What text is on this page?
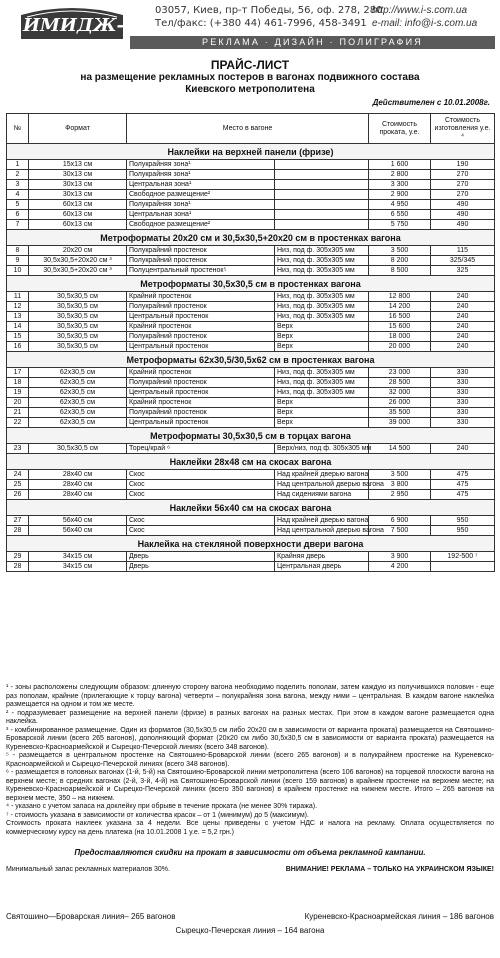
ИМИДЖ-СЕРВИС
03057, Киев, пр-т Победы, 56, оф. 278, 280
Тел/факс: (+380 44) 461-7996, 458-3491
http://www.i-s.com.ua
e-mail: info@i-s.com.ua
РЕКЛАМА · ДИЗАЙН · ПОЛИГРАФИЯ
ПРАЙС-ЛИСТ
на размещение рекламных постеров в вагонах подвижного состава
Киевского метрополитена
Действителен с 10.01.2008г.
№	Формат	Место в вагоне		Стоимость проката, у.е.	Стоимость изготовления у.е. ⁴
Наклейки на верхней панели (фризе)					
1	15x13 см	Полукрайняя зона¹		1 600	190
2	30x13 см	Полукрайняя зона¹		2 800	270
3	30x13 см	Центральная зона¹		3 300	270
4	30x13 см	Свободное размещение²		2 900	270
5	60x13 см	Полукрайняя зона¹		4 950	490
6	60x13 см	Центральная зона¹		6 550	490
7	60x13 см	Свободное размещение²		5 750	490
Метроформаты 20x20 см и 30,5x30,5+20x20 см в простенках вагона					
8	20x20 см	Полукрайний простенок	Низ, под ф. 305x305 мм	3 500	115
9	30,5x30,5+20x20 см ³	Полукрайний простенок	Низ, под ф. 305x305 мм	8 200	325/345
10	30,5x30,5+20x20 см ³	Полуцентральный простенок⁵	Низ, под ф. 305x305 мм	8 500	325
Метроформаты 30,5x30,5 см в простенках вагона					
11	30,5x30,5 см	Крайний простенок	Низ, под ф. 305x305 мм	12 800	240
12	30,5x30,5 см	Полукрайний простенок	Низ, под ф. 305x305 мм	14 200	240
13	30,5x30,5 см	Центральный простенок	Низ, под ф. 305x305 мм	16 500	240
14	30,5x30,5 см	Крайний простенок	Верх	15 600	240
15	30,5x30,5 см	Полукрайний простенок	Верх	18 000	240
16	30,5x30,5 см	Центральный простенок	Верх	20 000	240
Метроформаты 62x30,5/30,5x62 см в простенках вагона					
17	62x30,5 см	Крайний простенок	Низ, под ф. 305x305 мм	23 000	330
18	62x30,5 см	Полукрайний простенок	Низ, под ф. 305x305 мм	28 500	330
19	62x30,5 см	Центральный простенок	Низ, под ф. 305x305 мм	32 000	330
20	62x30,5 см	Крайний простенок	Верх	26 000	330
21	62x30,5 см	Полукрайний простенок	Верх	35 500	330
22	62x30,5 см	Центральный простенок	Верх	39 000	330
Метроформаты 30,5x30,5 см в торцах вагона					
23	30,5x30,5 см	Торец/край ⁶	Верх/низ, под ф. 305x305 мм	14 500	240
Наклейки 28x48 см на скосах вагона					
24	28x40 см	Скос	Над крайней дверью вагона	3 500	475
25	28x40 см	Скос	Над центральной дверью вагона	3 800	475
26	28x40 см	Скос	Над сидениями вагона	2 950	475
Наклейки 56x40 см на скосах вагона					
27	56x40 см	Скос	Над крайней дверью вагона	6 900	950
28	56x40 см	Скос	Над центральной дверью вагона	7 500	950
Наклейка на стекляной поверхности двери вагона					
29	34x15 см	Дверь	Крайняя дверь	3 900	192-500 ⁷
28	34x15 см	Дверь	Центральная дверь	4 200	

¹ - зоны расположены следующим образом: длинную сторону вагона необходимо поделить пополам, затем каждую из получившихся половин - еще раз пополам, крайние (прилегающие к торцу вагона) четверти – полукрайняя зона вагона, между ними – центральная. В каждом вагоне наклейка размещается на одном и том же месте.

² - подразумевает размещение на верхней панели (фризе) в разных вагонах на разных местах. При этом в каждом вагоне размещается одна наклейка.

³ - комбинированное размещение. Один из форматов (30,5x30,5 см либо 20x20 см в зависимости от варианта проката) размещается на Святошино-Броварской линии (всего 265 вагонов), дополняющий формат (20x20 см либо 30,5x30,5 см в зависимости от варианта проката) размещается на Куреневско-Красноармейской и Сырецко-Печерской линиях (всего 348 вагонов).

⁵ - размещается в центральном простенке на Святошино-Броварской линии (всего 265 вагонов) и в полукрайнем простенке на Куреневско-Красноармейской и Сырецко-Печерской линиях (всего 348 вагонов).

⁶ - размещается в головных вагонах (1-й, 5-й) на Святошино-Броварской линии метрополитена (всего 106 вагонов) на торцевой плоскости вагона на верхнем месте; в средних вагонах (2-й, 3-й, 4-й) на Святошино-Броварской линии (всего 159 вагонов) в крайнем простенке на верхнем месте; на Куреневско-Красноармейской и Сырецко-Печерской линиях (всего 350 вагонов) в крайнем простенке на нижнем месте. Итого – 265 вагонов на верхнем месте, 350 – на нижнем.

⁴ - указано с учетом запаса на доклейку при обрыве в течение проката (не менее 30% тиража).

⁷ - стоимость указана в зависимости от количества красок – от 1 (минимум) до 5 (максимум).

Стоимость проката наклеек указана за 4 недели. Все цены приведены с учетом НДС и налога на рекламу. Оплата осуществляется по коммерческому курсу на день платежа (на 10.01.2008 1 у.е. = 5,2 грн.)

Предоставляются скидки на прокат в зависимости от объема рекламной кампании.
Минимальный запас рекламных материалов 30%.	ВНИМАНИЕ! РЕКЛАМА – ТОЛЬКО НА УКРАИНСКОМ ЯЗЫКЕ!
Святошино—Броварская линия– 265 вагонов	Куреневско-Красноармейская линия – 186 вагонов
Сырецко-Печерская линия – 164 вагона
